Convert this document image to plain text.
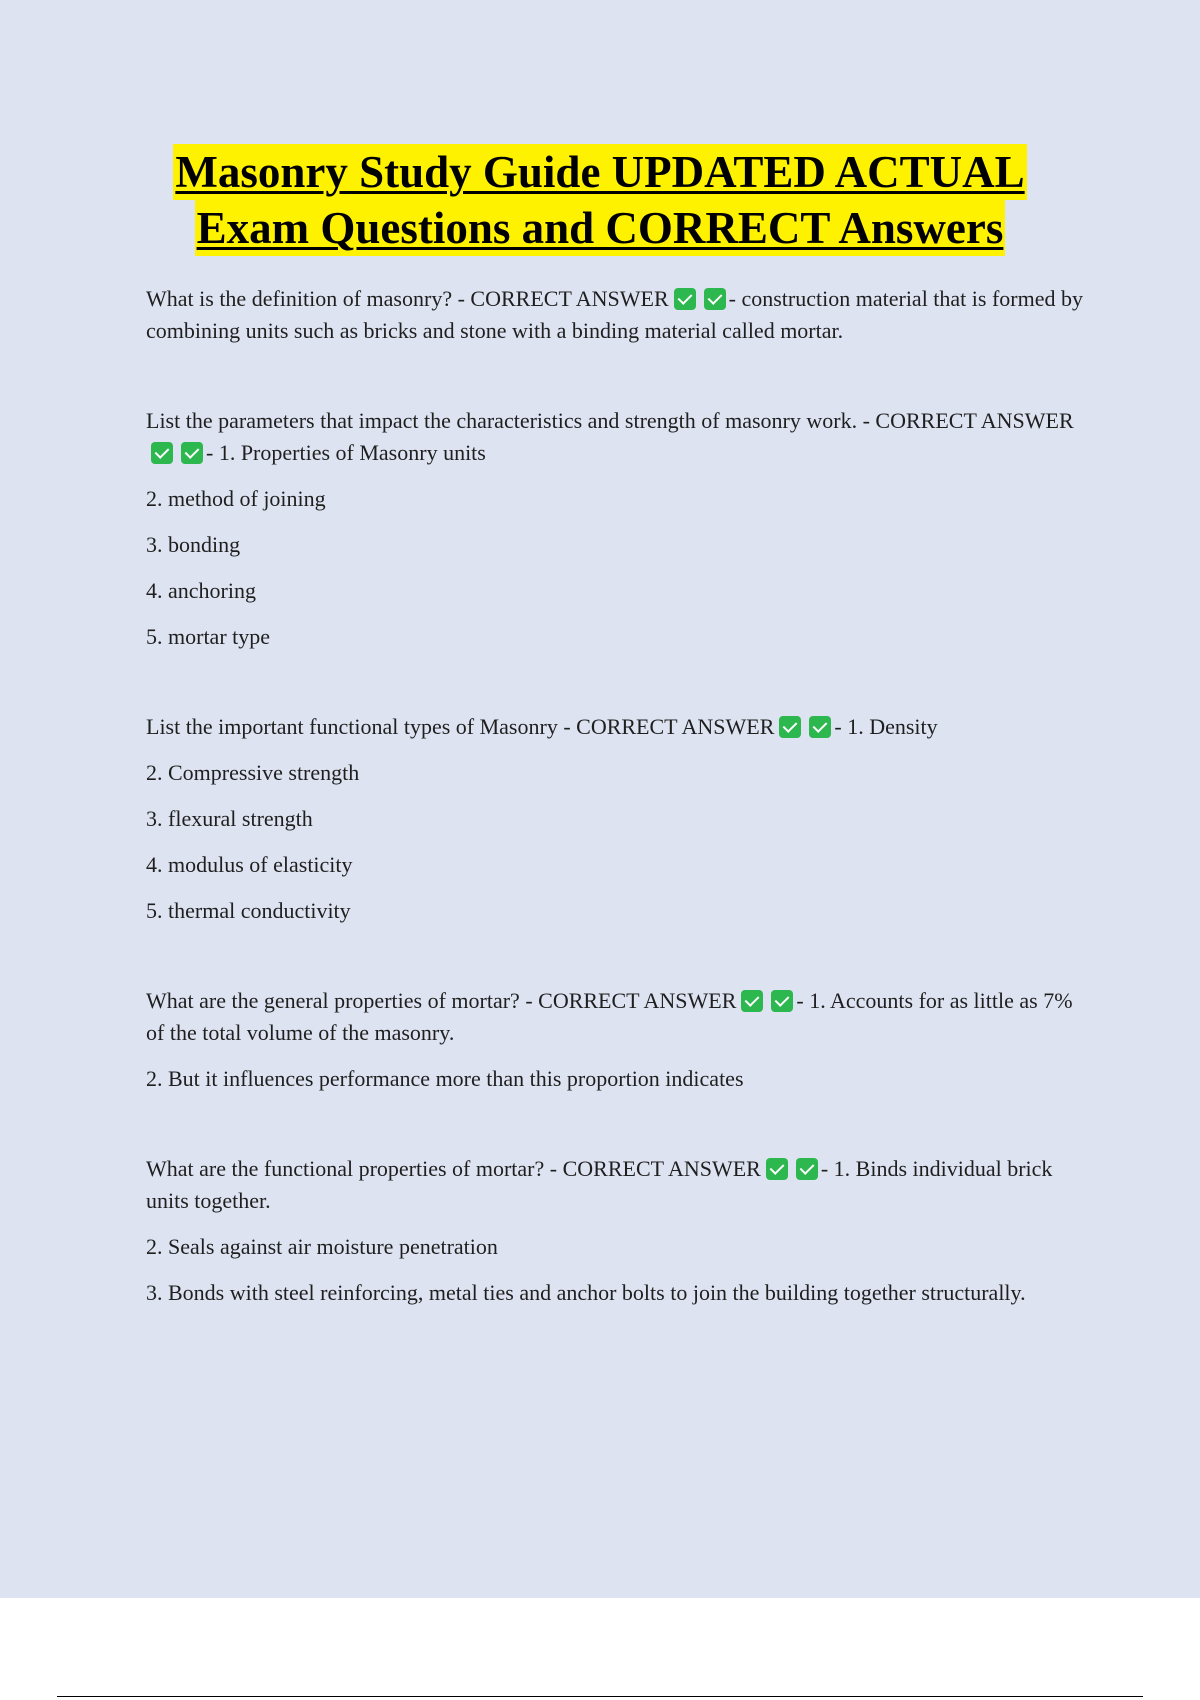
Masonry Study Guide UPDATED ACTUAL
Exam Questions and CORRECT Answers

What is the definition of masonry? - CORRECT ANSWER	- construction material that is formed by combining units such as bricks and stone with a binding material called mortar.

List the parameters that impact the characteristics and strength of masonry work. - CORRECT ANSWER- 1. Properties of Masonry units

2. method of joining

3. bonding

4. anchoring

5. mortar type

List the important functional types of Masonry - CORRECT ANSWER	- 1. Density

2. Compressive strength

3. flexural strength

4. modulus of elasticity

5. thermal conductivity

What are the general properties of mortar? - CORRECT ANSWER	- 1. Accounts for as little as 7% of the total volume of the masonry.

2. But it influences performance more than this proportion indicates

What are the functional properties of mortar? - CORRECT ANSWER	- 1. Binds individual brick units together.

2. Seals against air moisture penetration

3. Bonds with steel reinforcing, metal ties and anchor bolts to join the building together structurally.
